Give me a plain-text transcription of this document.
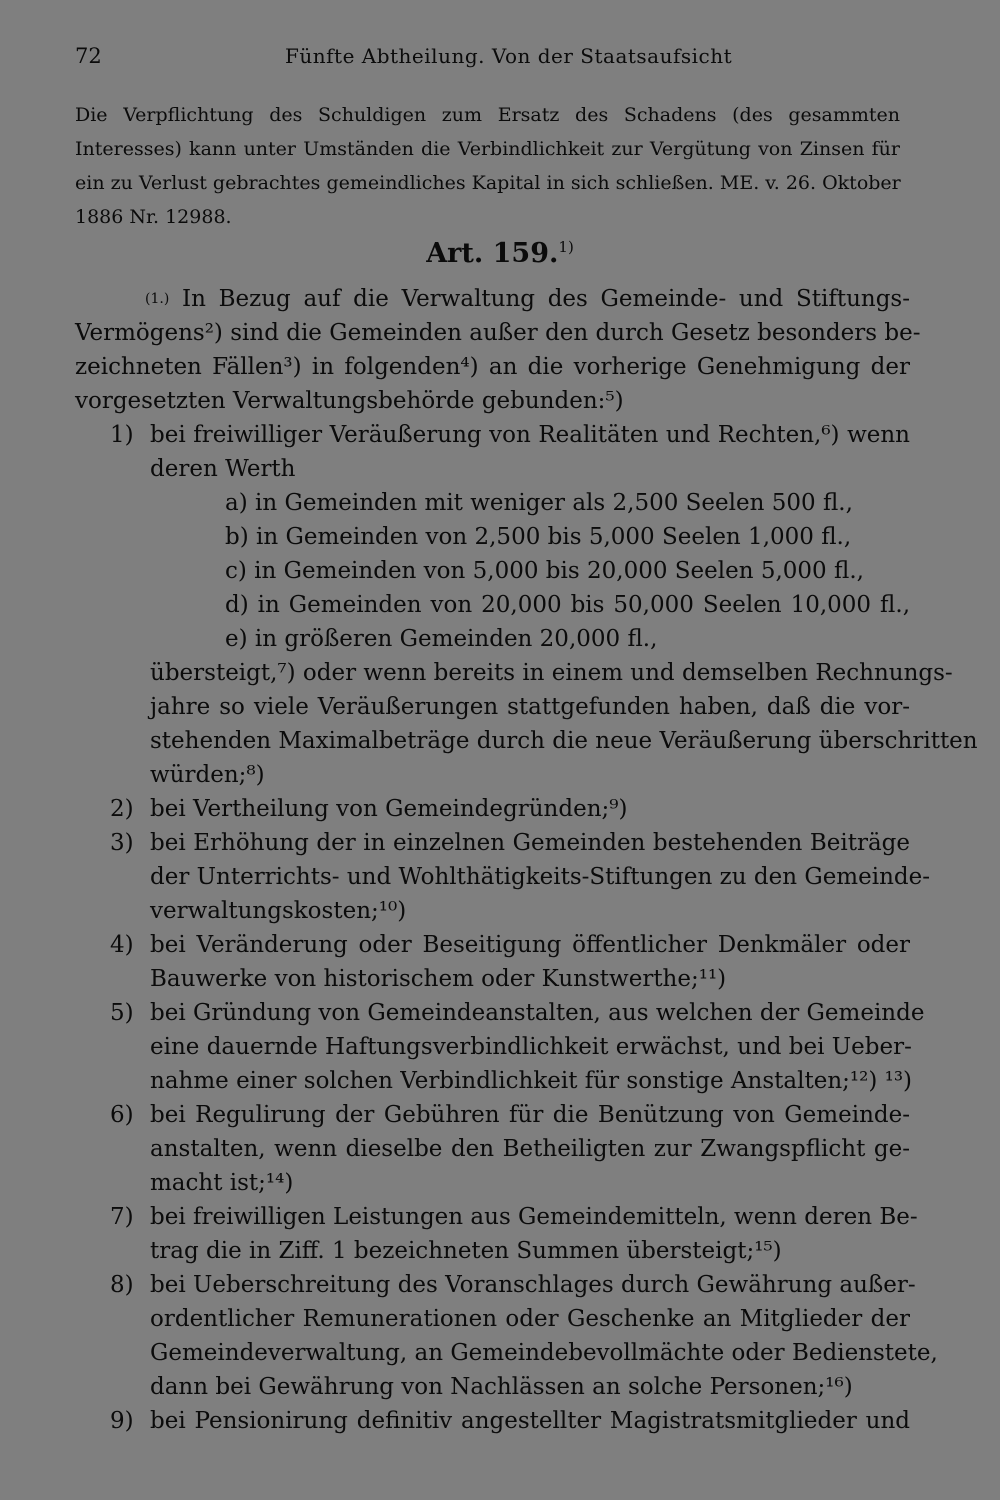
72	Fünfte Abtheilung. Von der Staatsaufsicht
Die Verpflichtung des Schuldigen zum Ersatz des Schadens (des gesammten
Interesses) kann unter Umständen die Verbindlichkeit zur Vergütung von Zinsen für
ein zu Verlust gebrachtes gemeindliches Kapital in sich schließen. ME. v. 26. Oktober
1886 Nr. 12988.
Art. 159.$^{1)}$
$^{(1.)}$ In Bezug auf die Verwaltung des Gemeinde- und Stiftungs-
Vermögens²) sind die Gemeinden außer den durch Gesetz besonders be-
zeichneten Fällen³) in folgenden⁴) an die vorherige Genehmigung der
vorgesetzten Verwaltungsbehörde gebunden:⁵)
1) bei freiwilliger Veräußerung von Realitäten und Rechten,⁶) wenn
deren Werth
a) in Gemeinden mit weniger als 2,500 Seelen 500 fl.,
b) in Gemeinden von 2,500 bis 5,000 Seelen 1,000 fl.,
c) in Gemeinden von 5,000 bis 20,000 Seelen 5,000 fl.,
d) in Gemeinden von 20,000 bis 50,000 Seelen 10,000 fl.,
e) in größeren Gemeinden 20,000 fl.,
übersteigt,⁷) oder wenn bereits in einem und demselben Rechnungs-
jahre so viele Veräußerungen stattgefunden haben, daß die vor-
stehenden Maximalbeträge durch die neue Veräußerung überschritten
würden;⁸)
2) bei Vertheilung von Gemeindegründen;⁹)
3) bei Erhöhung der in einzelnen Gemeinden bestehenden Beiträge
der Unterrichts- und Wohlthätigkeits-Stiftungen zu den Gemeinde-
verwaltungskosten;¹⁰)
4) bei Veränderung oder Beseitigung öffentlicher Denkmäler oder
Bauwerke von historischem oder Kunstwerthe;¹¹)
5) bei Gründung von Gemeindeanstalten, aus welchen der Gemeinde
eine dauernde Haftungsverbindlichkeit erwächst, und bei Ueber-
nahme einer solchen Verbindlichkeit für sonstige Anstalten;¹²) ¹³)
6) bei Regulirung der Gebühren für die Benützung von Gemeinde-
anstalten, wenn dieselbe den Betheiligten zur Zwangspflicht ge-
macht ist;¹⁴)
7) bei freiwilligen Leistungen aus Gemeindemitteln, wenn deren Be-
trag die in Ziff. 1 bezeichneten Summen übersteigt;¹⁵)
8) bei Ueberschreitung des Voranschlages durch Gewährung außer-
ordentlicher Remunerationen oder Geschenke an Mitglieder der
Gemeindeverwaltung, an Gemeindebevollmächte oder Bedienstete,
dann bei Gewährung von Nachlässen an solche Personen;¹⁶)
9) bei Pensionirung definitiv angestellter Magistratsmitglieder und
